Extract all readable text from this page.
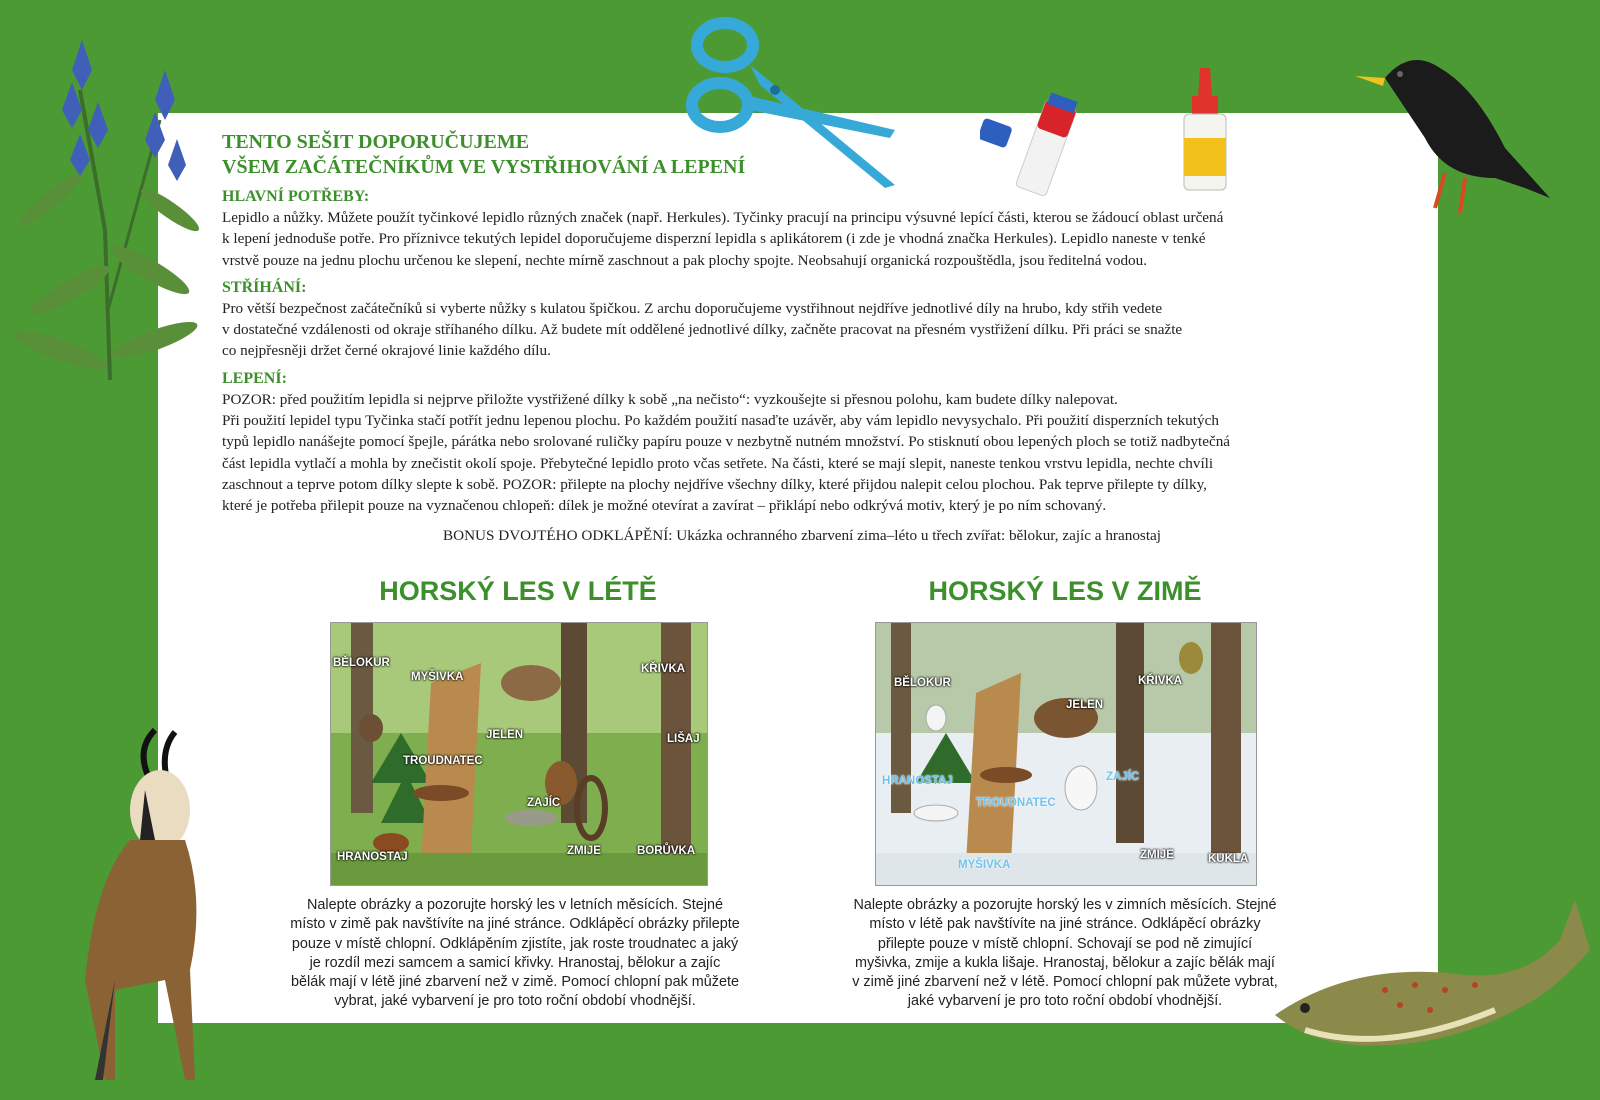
TENTO SEŠIT DOPORUČUJEME

VŠEM ZAČÁTEČNÍKŮM VE VYSTŘIHOVÁNÍ A LEPENÍ

HLAVNÍ POTŘEBY:

Lepidlo a nůžky. Můžete použít tyčinkové lepidlo různých značek (např. Herkules). Tyčinky pracují na principu výsuvné lepící části, kterou se žádoucí oblast určená
k lepení jednoduše potře. Pro příznivce tekutých lepidel doporučujeme disperzní lepidla s aplikátorem (i zde je vhodná značka Herkules). Lepidlo naneste v tenké
vrstvě pouze na jednu plochu určenou ke slepení, nechte mírně zaschnout a pak plochy spojte. Neobsahují organická rozpouštědla, jsou ředitelná vodou.

STŘÍHÁNÍ:

Pro větší bezpečnost začátečníků si vyberte nůžky s kulatou špičkou. Z archu doporučujeme vystřihnout nejdříve jednotlivé díly na hrubo, kdy střih vedete
v dostatečné vzdálenosti od okraje stříhaného dílku. Až budete mít oddělené jednotlivé dílky, začněte pracovat na přesném vystřižení dílku. Při práci se snažte
co nejpřesněji držet černé okrajové linie každého dílu.

LEPENÍ:

POZOR: před použitím lepidla si nejprve přiložte vystřižené dílky k sobě „na nečisto“: vyzkoušejte si přesnou polohu, kam budete dílky nalepovat.
Při použití lepidel typu Tyčinka stačí potřít jednu lepenou plochu. Po každém použití nasaďte uzávěr, aby vám lepidlo nevysychalo. Při použití disperzních tekutých
typů lepidlo nanášejte pomocí špejle, párátka nebo srolované ruličky papíru pouze v nezbytně nutném množství. Po stisknutí obou lepených ploch se totiž nadbytečná
část lepidla vytlačí a mohla by znečistit okolí spoje. Přebytečné lepidlo proto včas setřete. Na části, které se mají slepit, naneste tenkou vrstvu lepidla, nechte chvíli
zaschnout a teprve potom dílky slepte k sobě. POZOR: přilepte na plochy nejdříve všechny dílky, které přijdou nalepit celou plochou. Pak teprve přilepte ty dílky,
které je potřeba přilepit pouze na vyznačenou chlopeň: dílek je možné otevírat a zavírat – přiklápí nebo odkrývá motiv, který je po ním schovaný.

BONUS DVOJTÉHO ODKLÁPĚNÍ: Ukázka ochranného zbarvení zima–léto u třech zvířat: bělokur, zajíc a hranostaj

HORSKÝ LES V LÉTĚ
BĚLOKUR
MYŠIVKA
KŘIVKA
JELEN	LIŠAJ
TROUDNATEC
ZAJÍC
HRANOSTAJ	ZMIJE	BORŮVKA
Nalepte obrázky a pozorujte horský les v letních měsících. Stejné
místo v zimě pak navštívíte na jiné stránce. Odklápěcí obrázky přilepte
pouze v místě chlopní. Odklápěním zjistíte, jak roste troudnatec a jaký
je rozdíl mezi samcem a samicí křivky. Hranostaj, bělokur a zajíc
bělák mají v létě jiné zbarvení než v zimě. Pomocí chlopní pak můžete
vybrat, jaké vybarvení je pro toto roční období vhodnější.
HORSKÝ LES V ZIMĚ
BĚLOKUR	KŘIVKA
JELEN
HRANOSTAJ	ZAJÍC
TROUDNATEC
ZMIJE	KUKLA
MYŠIVKA
Nalepte obrázky a pozorujte horský les v zimních měsících. Stejné
místo v létě pak navštívíte na jiné stránce. Odklápěcí obrázky
přilepte pouze v místě chlopní. Schovají se pod ně zimující
myšivka, zmije a kukla lišaje. Hranostaj, bělokur a zajíc bělák mají
v zimě jiné zbarvení než v létě. Pomocí chlopní pak můžete vybrat,
jaké vybarvení je pro toto roční období vhodnější.
